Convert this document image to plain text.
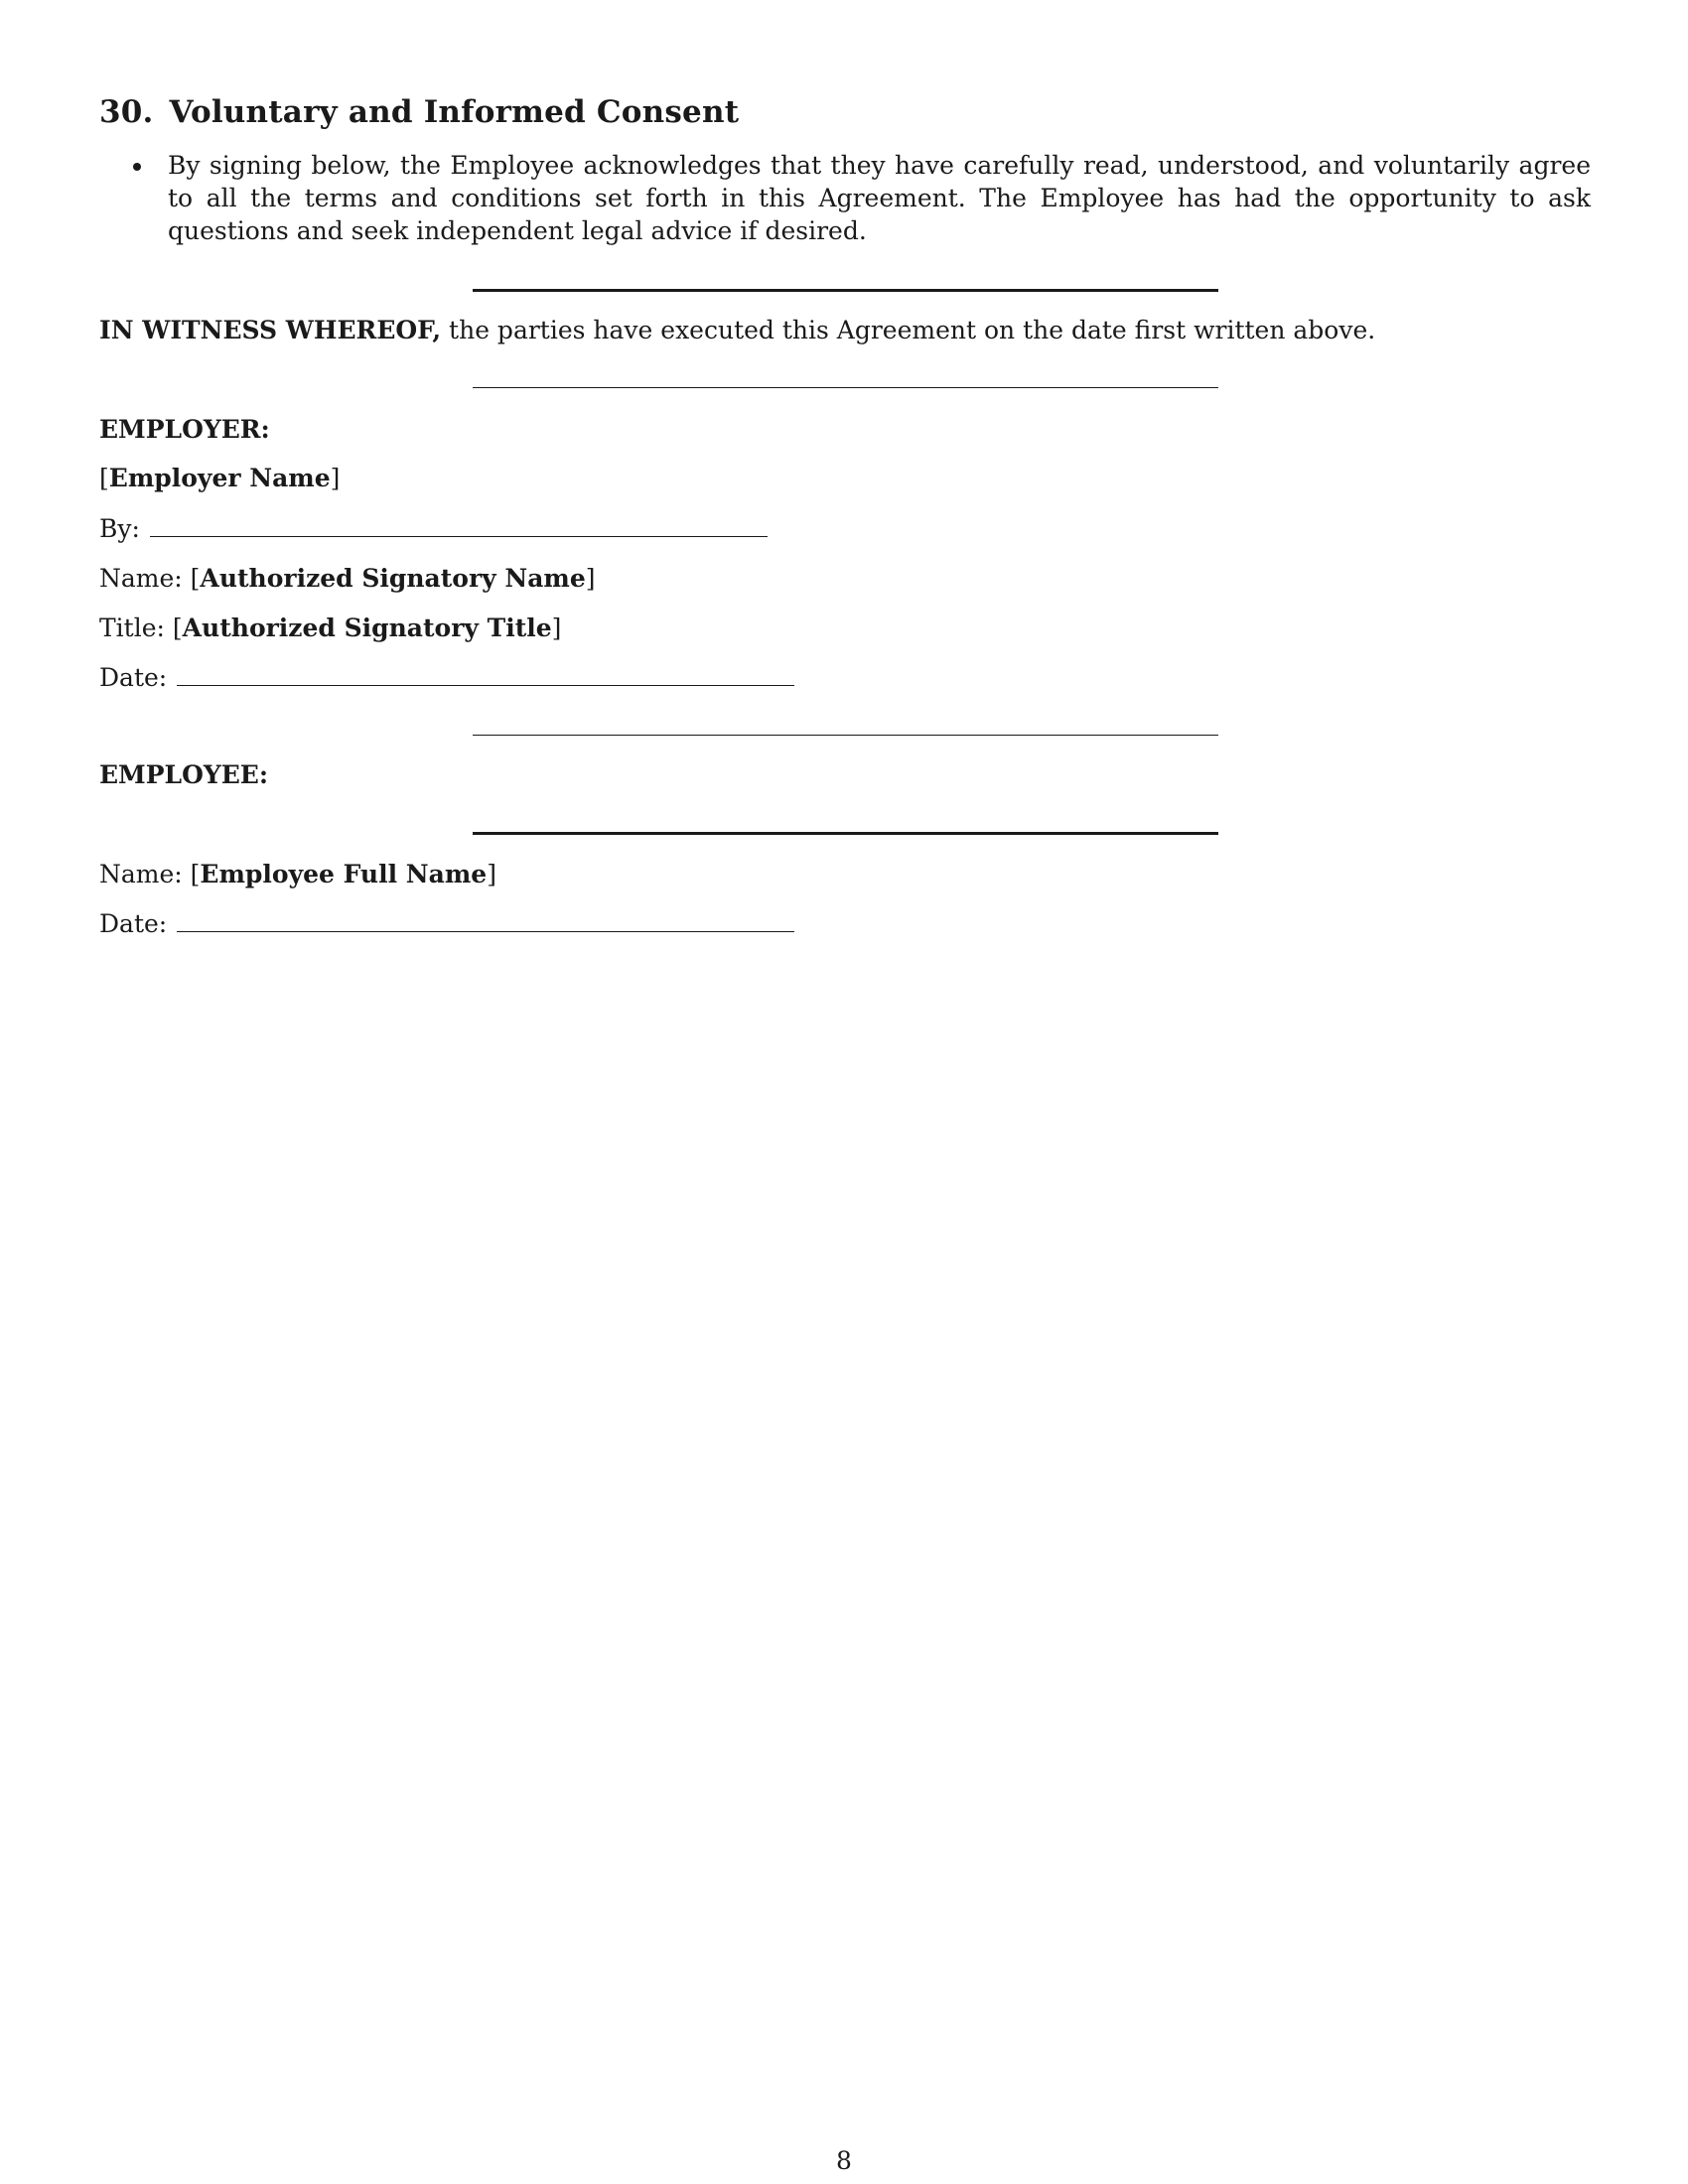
30. Voluntary and Informed Consent
By signing below, the Employee acknowledges that they have carefully read, understood, and voluntarily agree to all the terms and conditions set forth in this Agreement. The Employee has had the opportunity to ask questions and seek independent legal advice if desired.
IN WITNESS WHEREOF, the parties have executed this Agreement on the date first written above.
EMPLOYER:
[Employer Name]
By:
Name: [Authorized Signatory Name]
Title: [Authorized Signatory Title]
Date:
EMPLOYEE:
Name: [Employee Full Name]
Date:
8
